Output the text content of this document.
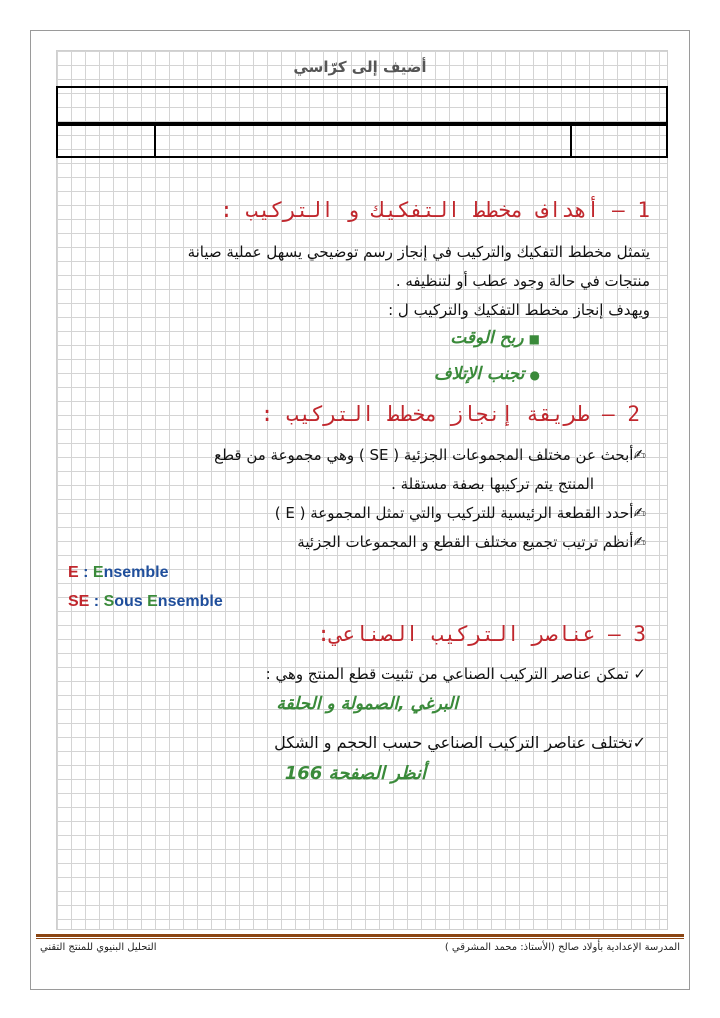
أضيف إلى كرّاسي
1 – أهداف مخطط التفكيك و التركيب :
يتمثل مخطط التفكيك والتركيب في إنجاز رسم توضيحي يسهل عملية صيانة
منتجات في حالة وجود عطب أو لتنظيفه .
ويهدف إنجاز مخطط التفكيك والتركيب ل :
■ ربح الوقت
● تجنب الإتلاف
2 – طريقة إنجاز مخطط التركيب :
✍أبحث عن مختلف المجموعات الجزئية ( SE ) وهي مجموعة من قطع
المنتج يتم تركيبها بصفة مستقلة .
✍أحدد القطعة الرئيسية للتركيب والتي تمثل المجموعة ( E )
✍أنظم ترتيب تجميع مختلف القطع و المجموعات الجزئية
E : Ensemble
SE : Sous Ensemble
3 – عناصر التركيب الصناعي:
✓ تمكن عناصر التركيب الصناعي من تثبيت قطع المنتج وهي :
البرغي ,الصمولة و الحلقة
✓تختلف عناصر التركيب الصناعي حسب الحجم و الشكل
أنظر الصفحة 166
المدرسة الإعدادية بأولاد صالح (الأستاذ: محمد المشرقي )
التحليل البنيوي للمنتج التقني
